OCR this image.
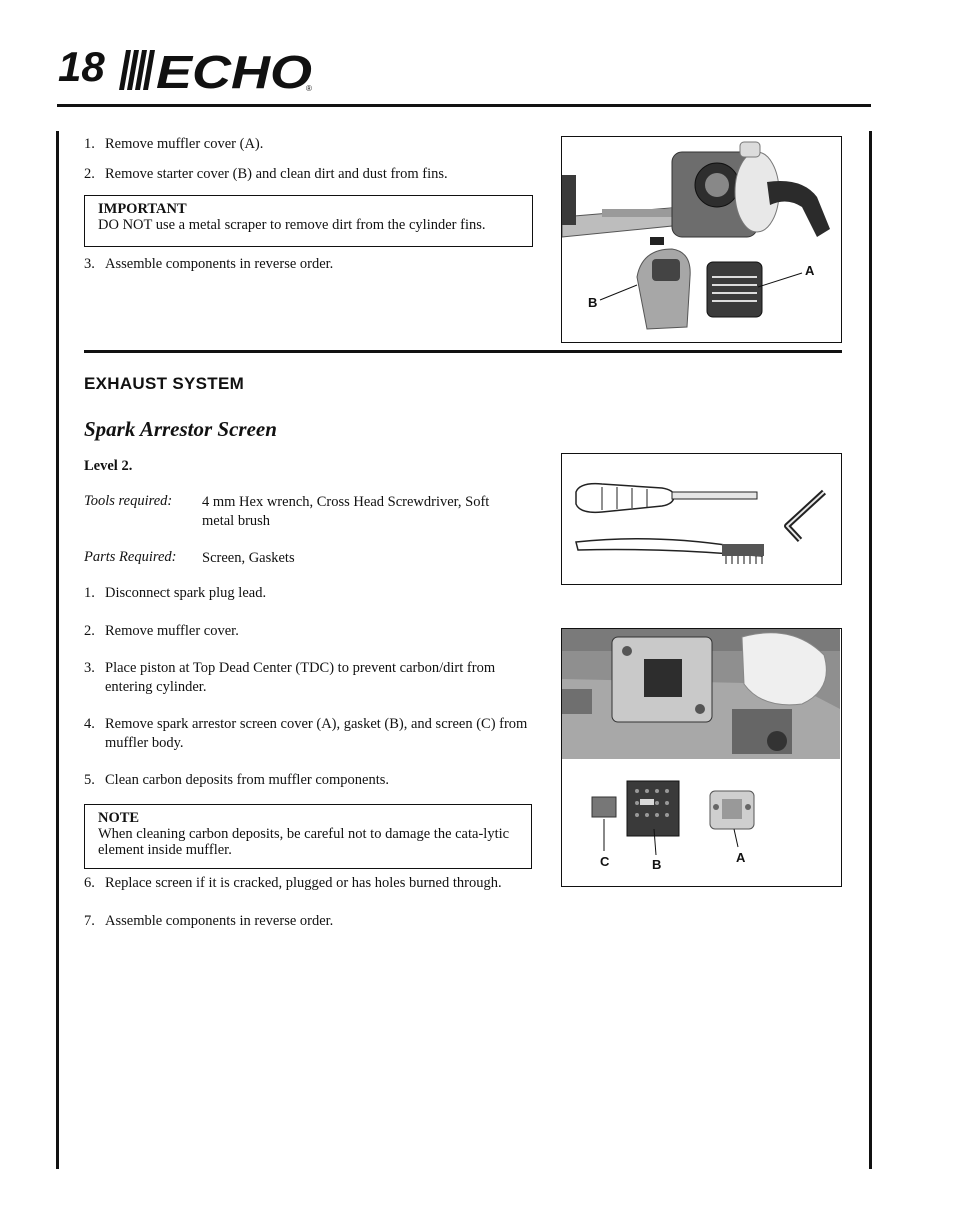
18 ECHO
®
1. Remove muffler cover (A).
2. Remove starter cover (B) and clean dirt and dust from fins.
IMPORTANT
DO NOT use a metal scraper to remove dirt from the cylinder fins.
3. Assemble components in reverse order.	A
B
EXHAUST SYSTEM
Spark Arrestor Screen
Level 2.
Tools required: 4 mm Hex wrench, Cross Head Screwdriver, Soft metal brush
Parts Required: Screen, Gaskets
1. Disconnect spark plug lead.
2. Remove muffler cover.
3. Place piston at Top Dead Center (TDC) to prevent carbon/dirt from entering cylinder.
4. Remove spark arrestor screen cover (A), gasket (B), and screen (C) from muffler body.
5. Clean carbon deposits from muffler components.
NOTE
When cleaning carbon deposits, be careful not to damage the cata-lytic element inside muffler.
6. Replace screen if it is cracked, plugged or has holes burned through.
7. Assemble components in reverse order.
C	B	A
